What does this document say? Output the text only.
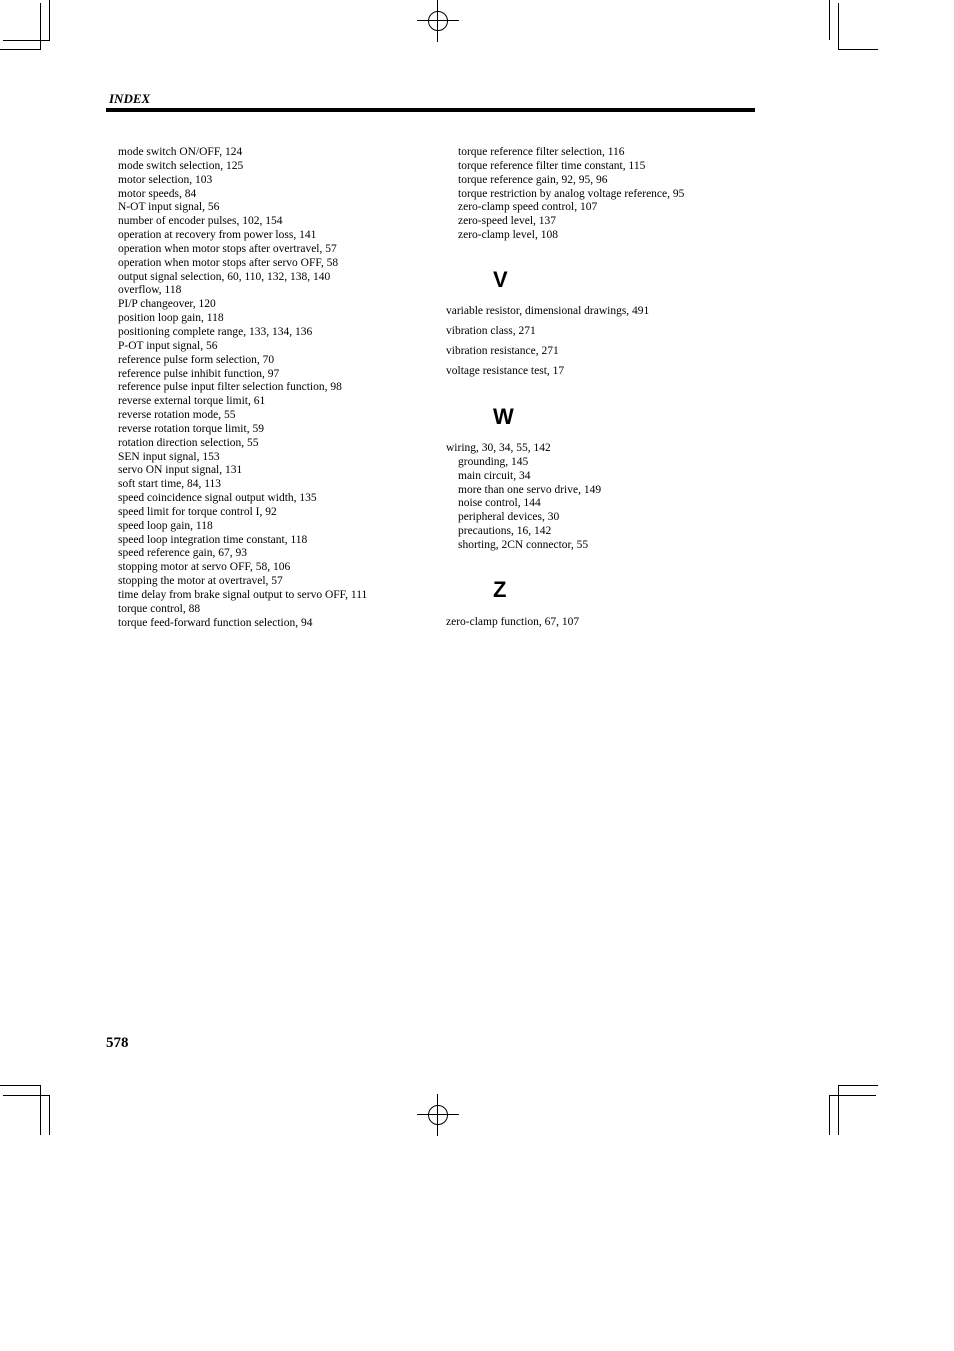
INDEX
mode switch ON/OFF, 124
mode switch selection, 125
motor selection, 103
motor speeds, 84
N-OT input signal, 56
number of encoder pulses, 102, 154
operation at recovery from power loss, 141
operation when motor stops after overtravel, 57
operation when motor stops after servo OFF, 58
output signal selection, 60, 110, 132, 138, 140
overflow, 118
PI/P changeover, 120
position loop gain, 118
positioning complete range, 133, 134, 136
P-OT input signal, 56
reference pulse form selection, 70
reference pulse inhibit function, 97
reference pulse input filter selection function, 98
reverse external torque limit, 61
reverse rotation mode, 55
reverse rotation torque limit, 59
rotation direction selection, 55
SEN input signal, 153
servo ON input signal, 131
soft start time, 84, 113
speed coincidence signal output width, 135
speed limit for torque control I, 92
speed loop gain, 118
speed loop integration time constant, 118
speed reference gain, 67, 93
stopping motor at servo OFF, 58, 106
stopping the motor at overtravel, 57
time delay from brake signal output to servo OFF, 111
torque control, 88
torque feed-forward function selection, 94
torque reference filter selection, 116
torque reference filter time constant, 115
torque reference gain, 92, 95, 96
torque restriction by analog voltage reference, 95
zero-clamp speed control, 107
zero-speed level, 137
zero-clamp level, 108
V
variable resistor, dimensional drawings, 491
vibration class, 271
vibration resistance, 271
voltage resistance test, 17
W
wiring, 30, 34, 55, 142
grounding, 145
main circuit, 34
more than one servo drive, 149
noise control, 144
peripheral devices, 30
precautions, 16, 142
shorting, 2CN connector, 55
Z
zero-clamp function, 67, 107
578
